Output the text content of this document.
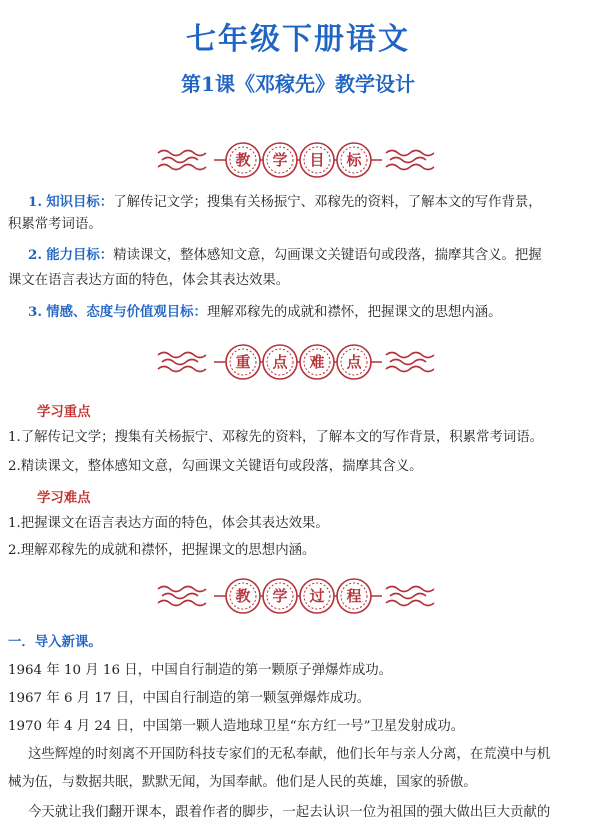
七年级下册语文
第1课《邓稼先》教学设计
教 学 目 标
1. 知识目标：了解传记文学；搜集有关杨振宁、邓稼先的资料，了解本文的写作背景，
积累常考词语。
2. 能力目标：精读课文，整体感知文意，勾画课文关键语句或段落，揣摩其含义。把握
课文在语言表达方面的特色，体会其表达效果。
3. 情感、态度与价值观目标：理解邓稼先的成就和襟怀，把握课文的思想内涵。
重 点 难 点
学习重点
1.了解传记文学；搜集有关杨振宁、邓稼先的资料，了解本文的写作背景，积累常考词语。
2.精读课文，整体感知文意，勾画课文关键语句或段落，揣摩其含义。
学习难点
1.把握课文在语言表达方面的特色，体会其表达效果。
2.理解邓稼先的成就和襟怀，把握课文的思想内涵。
教 学 过 程
一．导入新课。
1964 年 10 月 16 日，中国自行制造的第一颗原子弹爆炸成功。
1967 年 6 月 17 日，中国自行制造的第一颗氢弹爆炸成功。
1970 年 4 月 24 日，中国第一颗人造地球卫星“东方红一号”卫星发射成功。
这些辉煌的时刻离不开国防科技专家们的无私奉献，他们长年与亲人分离，在荒漠中与机
械为伍，与数据共眠，默默无闻，为国奉献。他们是人民的英雄，国家的骄傲。
今天就让我们翻开课本，跟着作者的脚步，一起去认识一位为祖国的强大做出巨大贡献的
